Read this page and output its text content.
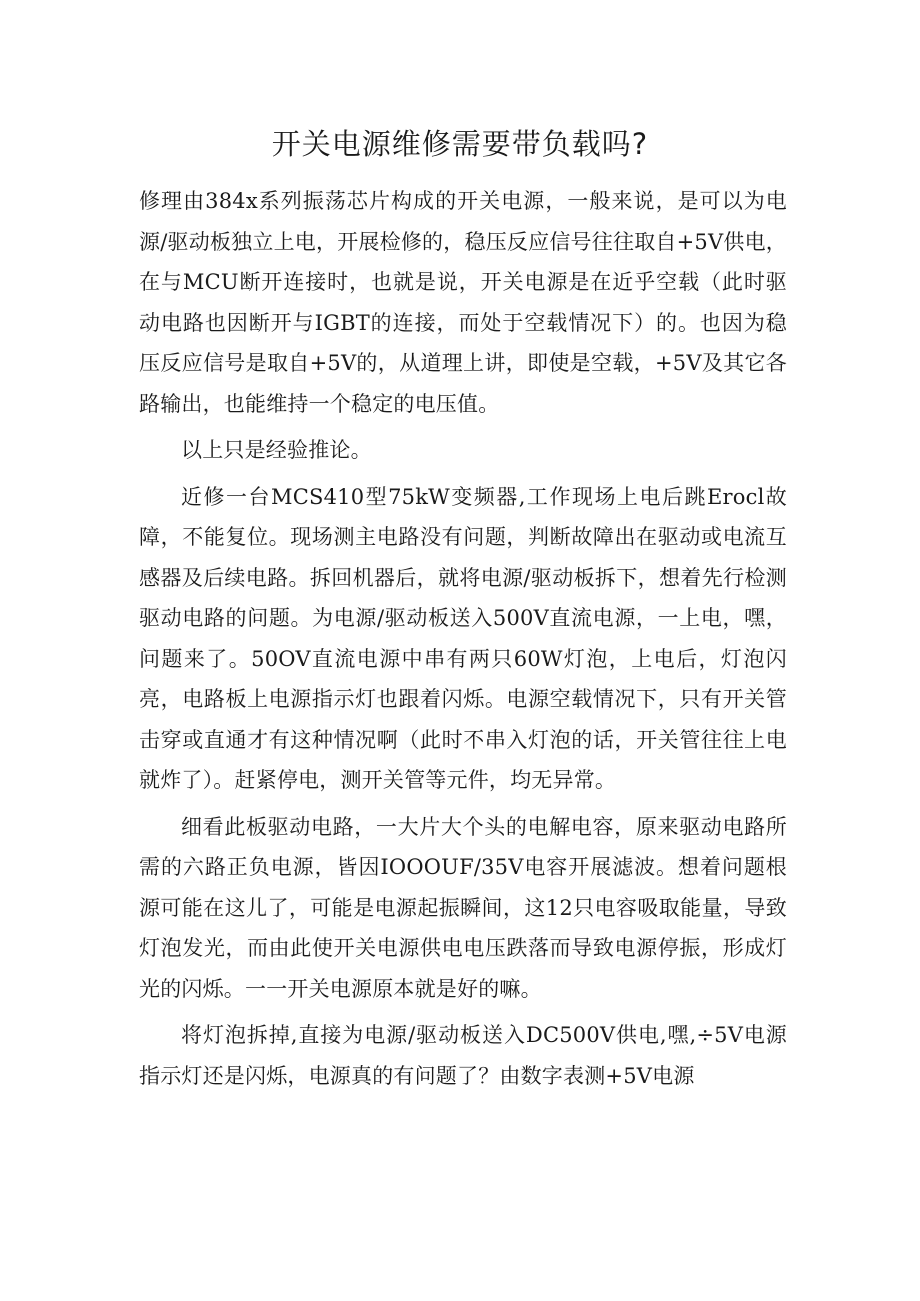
开关电源维修需要带负载吗?

修理由384x系列振荡芯片构成的开关电源，一般来说，是可以为电源/驱动板独立上电，开展检修的，稳压反应信号往往取自+5V供电，在与MCU断开连接时，也就是说，开关电源是在近乎空载（此时驱动电路也因断开与IGBT的连接，而处于空载情况下）的。也因为稳压反应信号是取自+5V的，从道理上讲，即使是空载，+5V及其它各路输出，也能维持一个稳定的电压值。

以上只是经验推论。

近修一台MCS410型75kW变频器,工作现场上电后跳Erocl故障，不能复位。现场测主电路没有问题，判断故障出在驱动或电流互感器及后续电路。拆回机器后，就将电源/驱动板拆下，想着先行检测驱动电路的问题。为电源/驱动板送入500V直流电源，一上电，嘿，问题来了。50OV直流电源中串有两只60W灯泡，上电后，灯泡闪亮，电路板上电源指示灯也跟着闪烁。电源空载情况下，只有开关管击穿或直通才有这种情况啊（此时不串入灯泡的话，开关管往往上电就炸了）。赶紧停电，测开关管等元件，均无异常。

细看此板驱动电路，一大片大个头的电解电容，原来驱动电路所需的六路正负电源，皆因IOOOUF/35V电容开展滤波。想着问题根源可能在这儿了，可能是电源起振瞬间，这12只电容吸取能量，导致灯泡发光，而由此使开关电源供电电压跌落而导致电源停振，形成灯光的闪烁。一一开关电源原本就是好的嘛。

将灯泡拆掉,直接为电源/驱动板送入DC500V供电,嘿,÷5V电源指示灯还是闪烁，电源真的有问题了？由数字表测+5V电源
